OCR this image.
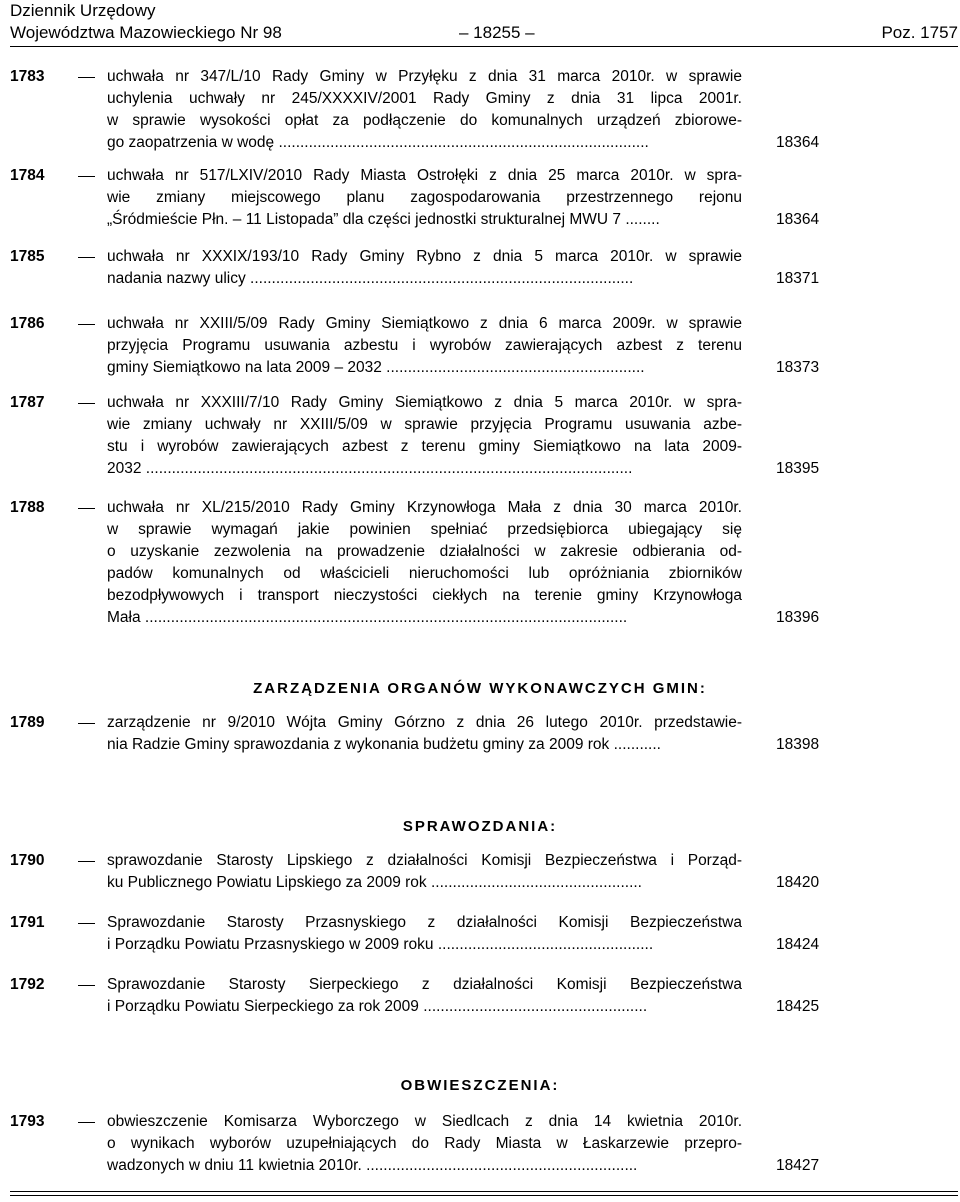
Dziennik Urzędowy
Województwa Mazowieckiego Nr 98	– 18255 –	Poz. 1757
ZARZĄDZENIA ORGANÓW WYKONAWCZYCH GMIN:
SPRAWOZDANIA:
OBWIESZCZENIA:
1783	uchwała nr 347/L/10 Rady Gminy w Przyłęku z dnia 31 marca 2010r. w sprawie
uchylenia uchwały nr 245/XXXXIV/2001 Rady Gminy z dnia 31 lipca 2001r.
w sprawie wysokości opłat za podłączenie do komunalnych urządzeń zbiorowe-
go zaopatrzenia w wodę ......................................................................................	18364
1784	uchwała nr 517/LXIV/2010 Rady Miasta Ostrołęki z dnia 25 marca 2010r. w spra-
wie zmiany miejscowego planu zagospodarowania przestrzennego rejonu
„Śródmieście Płn. – 11 Listopada” dla części jednostki strukturalnej MWU 7 ........	18364
1785	uchwała nr XXXIX/193/10 Rady Gminy Rybno z dnia 5 marca 2010r. w sprawie
nadania nazwy ulicy .........................................................................................	18371
1786	uchwała nr XXIII/5/09 Rady Gminy Siemiątkowo z dnia 6 marca 2009r. w sprawie
przyjęcia Programu usuwania azbestu i wyrobów zawierających azbest z terenu
gminy Siemiątkowo na lata 2009 – 2032 ............................................................	18373
1787	uchwała nr XXXIII/7/10 Rady Gminy Siemiątkowo z dnia 5 marca 2010r. w spra-
wie zmiany uchwały nr XXIII/5/09 w sprawie przyjęcia Programu usuwania azbe-
stu i wyrobów zawierających azbest z terenu gminy Siemiątkowo na lata 2009-
2032 .................................................................................................................	18395
1788	uchwała nr XL/215/2010 Rady Gminy Krzynowłoga Mała z dnia 30 marca 2010r.
w sprawie wymagań jakie powinien spełniać przedsiębiorca ubiegający się
o uzyskanie zezwolenia na prowadzenie działalności w zakresie odbierania od-
padów komunalnych od właścicieli nieruchomości lub opróżniania zbiorników
bezodpływowych i transport nieczystości ciekłych na terenie gminy Krzynowłoga
Mała ................................................................................................................	18396
1789	zarządzenie nr 9/2010 Wójta Gminy Górzno z dnia 26 lutego 2010r. przedstawie-
nia Radzie Gminy sprawozdania z wykonania budżetu gminy za 2009 rok ...........	18398
1790	sprawozdanie Starosty Lipskiego z działalności Komisji Bezpieczeństwa i Porząd-
ku Publicznego Powiatu Lipskiego za 2009 rok .................................................	18420
1791	Sprawozdanie Starosty Przasnyskiego z działalności Komisji Bezpieczeństwa
i Porządku Powiatu Przasnyskiego w 2009 roku ..................................................	18424
1792	Sprawozdanie Starosty Sierpeckiego z działalności Komisji Bezpieczeństwa
i Porządku Powiatu Sierpeckiego za rok 2009 ....................................................	18425
1793	obwieszczenie Komisarza Wyborczego w Siedlcach z dnia 14 kwietnia 2010r.
o wynikach wyborów uzupełniających do Rady Miasta w Łaskarzewie przepro-
wadzonych w dniu 11 kwietnia 2010r. ...............................................................	18427
